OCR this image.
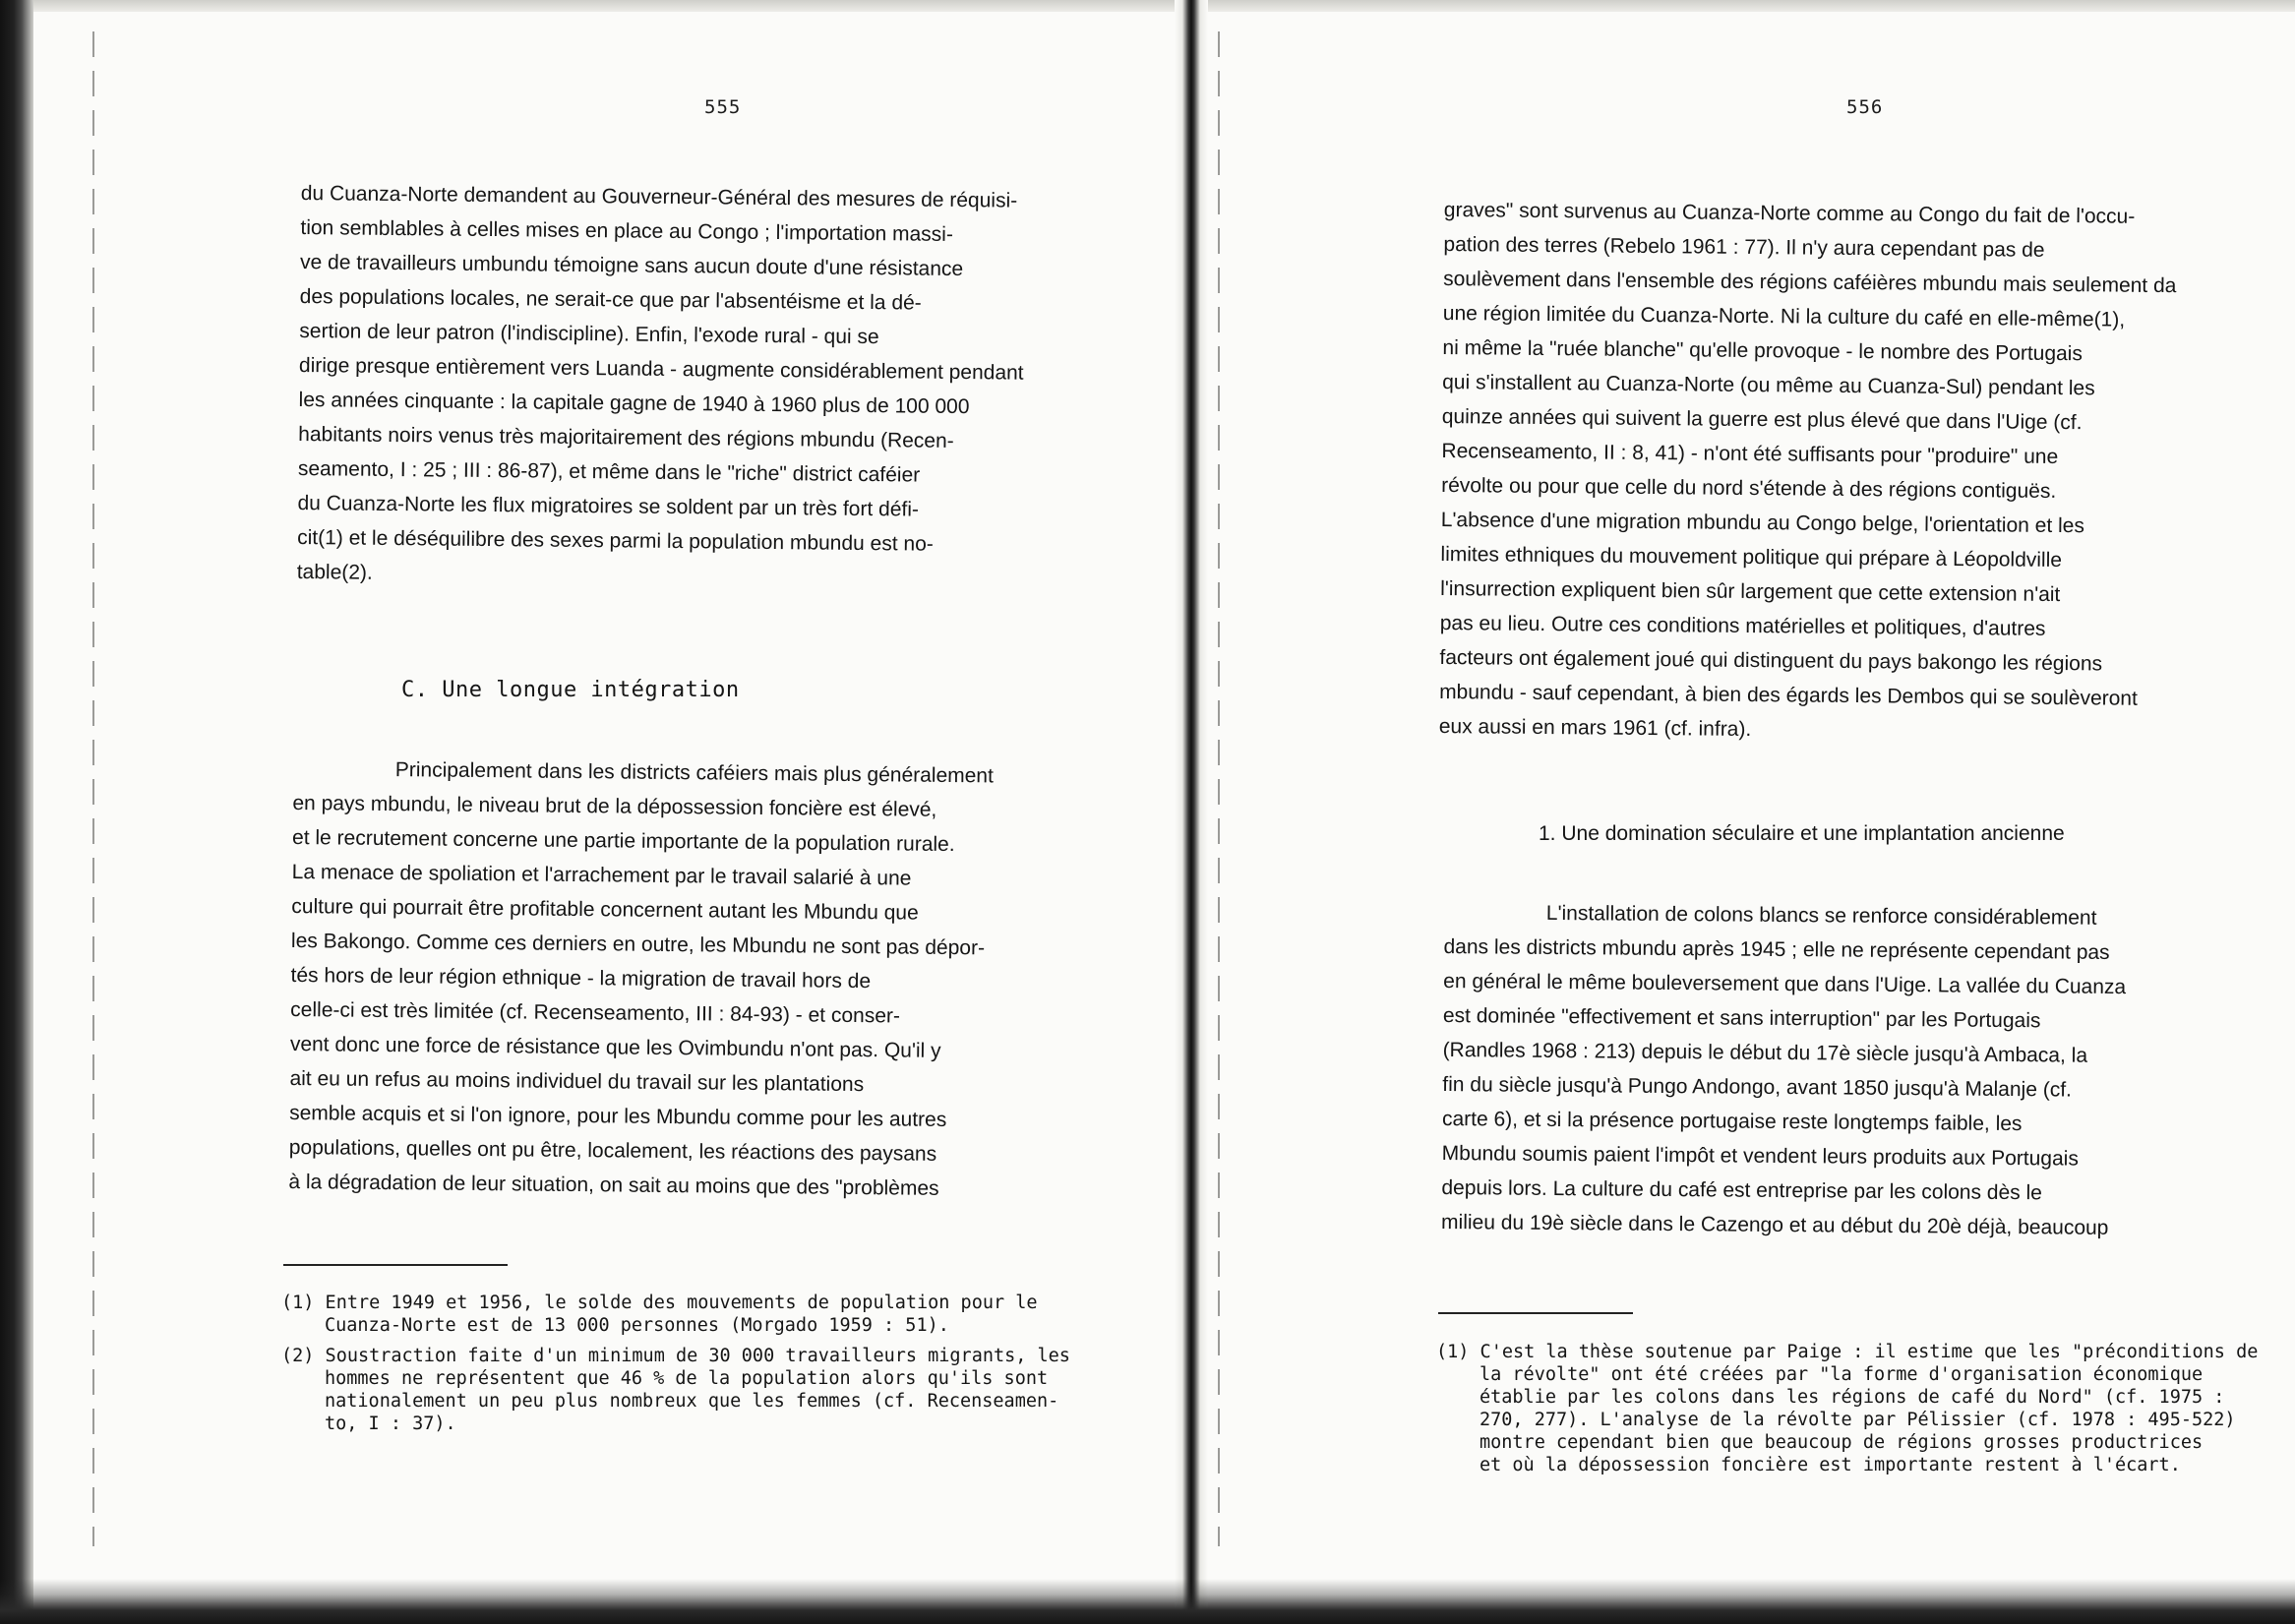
555
du Cuanza-Norte demandent au Gouverneur-Général des mesures de réquisi-
tion semblables à celles mises en place au Congo ; l'importation massi-
ve de travailleurs umbundu témoigne sans aucun doute d'une résistance
des populations locales, ne serait-ce que par l'absentéisme et la dé-
sertion de leur patron (l'indiscipline). Enfin, l'exode rural - qui se
dirige presque entièrement vers Luanda - augmente considérablement pendant
les années cinquante : la capitale gagne de 1940 à 1960 plus de 100 000
habitants noirs venus très majoritairement des régions mbundu (Recen-
seamento, I : 25 ; III : 86-87), et même dans le "riche" district caféier
du Cuanza-Norte les flux migratoires se soldent par un très fort défi-
cit(1) et le déséquilibre des sexes parmi la population mbundu est no-
table(2).
C. Une longue intégration
Principalement dans les districts caféiers mais plus généralement
en pays mbundu, le niveau brut de la dépossession foncière est élevé,
et le recrutement concerne une partie importante de la population rurale.
La menace de spoliation et l'arrachement par le travail salarié à une
culture qui pourrait être profitable concernent autant les Mbundu que
les Bakongo. Comme ces derniers en outre, les Mbundu ne sont pas dépor-
tés hors de leur région ethnique - la migration de travail hors de
celle-ci est très limitée (cf. Recenseamento, III : 84-93) - et conser-
vent donc une force de résistance que les Ovimbundu n'ont pas. Qu'il y
ait eu un refus au moins individuel du travail sur les plantations
semble acquis et si l'on ignore, pour les Mbundu comme pour les autres
populations, quelles ont pu être, localement, les réactions des paysans
à la dégradation de leur situation, on sait au moins que des "problèmes
(1) Entre 1949 et 1956, le solde des mouvements de population pour le
Cuanza-Norte est de 13 000 personnes (Morgado 1959 : 51).
(2) Soustraction faite d'un minimum de 30 000 travailleurs migrants, les
hommes ne représentent que 46 % de la population alors qu'ils sont
nationalement un peu plus nombreux que les femmes (cf. Recenseamen-
to, I : 37).
556
graves" sont survenus au Cuanza-Norte comme au Congo du fait de l'occu-
pation des terres (Rebelo 1961 : 77). Il n'y aura cependant pas de
soulèvement dans l'ensemble des régions caféières mbundu mais seulement da
une région limitée du Cuanza-Norte. Ni la culture du café en elle-même(1),
ni même la "ruée blanche" qu'elle provoque - le nombre des Portugais
qui s'installent au Cuanza-Norte (ou même au Cuanza-Sul) pendant les
quinze années qui suivent la guerre est plus élevé que dans l'Uige (cf.
Recenseamento, II : 8, 41) - n'ont été suffisants pour "produire" une
révolte ou pour que celle du nord s'étende à des régions contiguës.
L'absence d'une migration mbundu au Congo belge, l'orientation et les
limites ethniques du mouvement politique qui prépare à Léopoldville
l'insurrection expliquent bien sûr largement que cette extension n'ait
pas eu lieu. Outre ces conditions matérielles et politiques, d'autres
facteurs ont également joué qui distinguent du pays bakongo les régions
mbundu - sauf cependant, à bien des égards les Dembos qui se soulèveront
eux aussi en mars 1961 (cf. infra).
1. Une domination séculaire et une implantation ancienne
L'installation de colons blancs se renforce considérablement
dans les districts mbundu après 1945 ; elle ne représente cependant pas
en général le même bouleversement que dans l'Uige. La vallée du Cuanza
est dominée "effectivement et sans interruption" par les Portugais
(Randles 1968 : 213) depuis le début du 17è siècle jusqu'à Ambaca, la
fin du siècle jusqu'à Pungo Andongo, avant 1850 jusqu'à Malanje (cf.
carte 6), et si la présence portugaise reste longtemps faible, les
Mbundu soumis paient l'impôt et vendent leurs produits aux Portugais
depuis lors. La culture du café est entreprise par les colons dès le
milieu du 19è siècle dans le Cazengo et au début du 20è déjà, beaucoup
(1) C'est la thèse soutenue par Paige : il estime que les "préconditions de
la révolte" ont été créées par "la forme d'organisation économique
établie par les colons dans les régions de café du Nord" (cf. 1975 :
270, 277). L'analyse de la révolte par Pélissier (cf. 1978 : 495-522)
montre cependant bien que beaucoup de régions grosses productrices
et où la dépossession foncière est importante restent à l'écart.
